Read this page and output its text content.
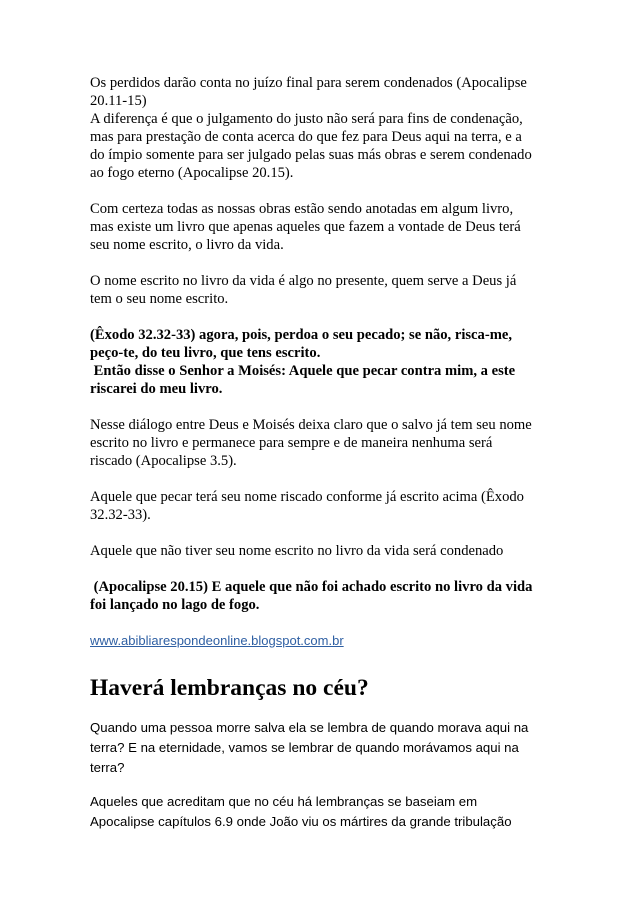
Os perdidos darão conta no juízo final para serem condenados (Apocalipse
20.11-15)
A diferença é que o julgamento do justo não será para fins de condenação,
mas para prestação de conta acerca do que fez para Deus aqui na terra, e a
do ímpio somente para ser julgado pelas suas más obras e serem condenado
ao fogo eterno (Apocalipse 20.15).

Com certeza todas as nossas obras estão sendo anotadas em algum livro,
mas existe um livro que apenas aqueles que fazem a vontade de Deus terá
seu nome escrito, o livro da vida.

O nome escrito no livro da vida é algo no presente, quem serve a Deus já
tem o seu nome escrito.

(Êxodo 32.32-33) agora, pois, perdoa o seu pecado; se não, risca-me,
peço-te, do teu livro, que tens escrito.
Então disse o Senhor a Moisés: Aquele que pecar contra mim, a este
riscarei do meu livro.

Nesse diálogo entre Deus e Moisés deixa claro que o salvo já tem seu nome
escrito no livro e permanece para sempre e de maneira nenhuma será
riscado (Apocalipse 3.5).

Aquele que pecar terá seu nome riscado conforme já escrito acima (Êxodo
32.32-33).

Aquele que não tiver seu nome escrito no livro da vida será condenado

(Apocalipse 20.15) E aquele que não foi achado escrito no livro da vida
foi lançado no lago de fogo.

www.abibliarespondeonline.blogspot.com.br

Haverá lembranças no céu?

Quando uma pessoa morre salva ela se lembra de quando morava aqui na
terra? E na eternidade, vamos se lembrar de quando morávamos aqui na
terra?

Aqueles que acreditam que no céu há lembranças se baseiam em
Apocalipse capítulos 6.9 onde João viu os mártires da grande tribulação
